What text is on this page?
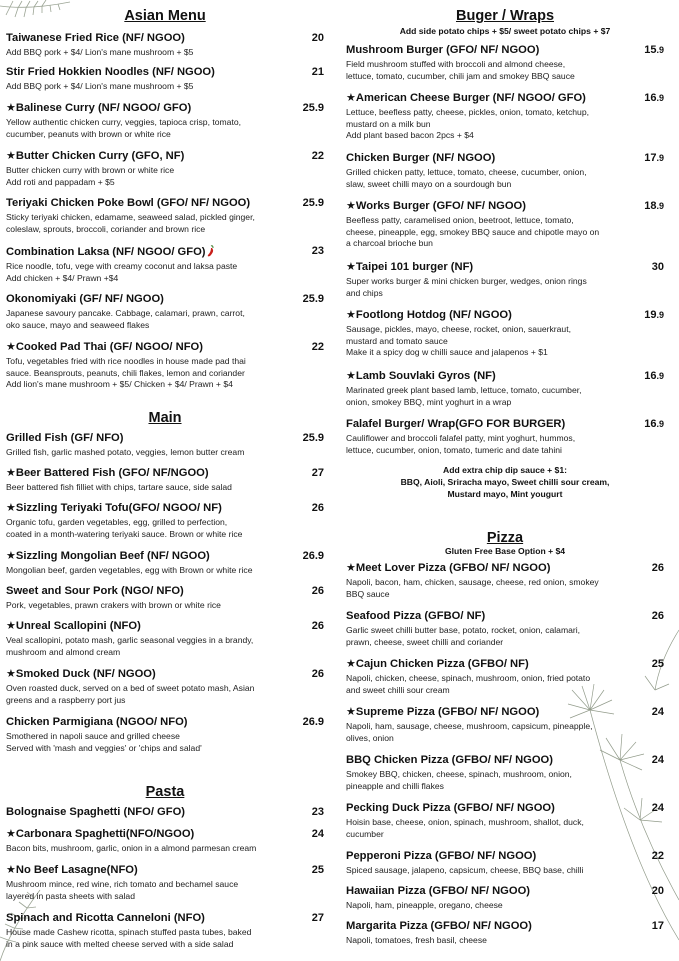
Asian Menu
Taiwanese Fried Rice (NF/ NGOO)	20
Add BBQ pork + $4/ Lion's mane mushroom + $5
Stir Fried Hokkien Noodles (NF/ NGOO)	21
Add BBQ pork + $4/ Lion's mane mushroom + $5
★Balinese Curry (NF/ NGOO/ GFO)	25.9
Yellow authentic chicken curry, veggies, tapioca crisp, tomato,
cucumber, peanuts with brown or white rice
★Butter Chicken Curry (GFO, NF)	22
Butter chicken curry with brown or white rice
Add roti and pappadam + $5
Teriyaki Chicken Poke Bowl (GFO/ NF/ NGOO)	25.9
Sticky teriyaki chicken, edamame, seaweed salad, pickled ginger,
coleslaw, sprouts, broccoli, coriander and brown rice
Combination Laksa (NF/ NGOO/ GFO)	23
Rice noodle, tofu, vege with creamy coconut and laksa paste
Add chicken + $4/ Prawn +$4
Okonomiyaki (GF/ NF/ NGOO)	25.9
Japanese savoury pancake. Cabbage, calamari, prawn, carrot,
oko sauce, mayo and seaweed flakes
★Cooked Pad Thai (GF/ NGOO/ NFO)	22
Tofu, vegetables fried with rice noodles in house made pad thai
sauce. Beansprouts, peanuts, chili flakes, lemon and coriander
Add lion's mane mushroom + $5/ Chicken + $4/ Prawn + $4
Main
Grilled Fish (GF/ NFO)	25.9
Grilled fish, garlic mashed potato, veggies, lemon butter cream
★Beer Battered Fish (GFO/ NF/NGOO)	27
Beer battered fish filliet with chips, tartare sauce, side salad
★Sizzling Teriyaki Tofu(GFO/ NGOO/ NF)	26
Organic tofu, garden vegetables, egg, grilled to perfection,
coated in a month-watering teriyaki sauce. Brown or white rice
★Sizzling Mongolian Beef (NF/ NGOO)	26.9
Mongolian beef, garden vegetables, egg with Brown or white rice
Sweet and Sour Pork (NGO/ NFO)	26
Pork, vegetables, prawn crakers with brown or white rice
★Unreal Scallopini (NFO)	26
Veal scallopini, potato mash, garlic seasonal veggies in a brandy,
mushroom and almond cream
★Smoked Duck (NF/ NGOO)	26
Oven roasted duck, served on a bed of sweet potato mash, Asian
greens and a raspberry port jus
Chicken Parmigiana (NGOO/ NFO)	26.9
Smothered in napoli sauce and grilled cheese
Served with 'mash and veggies' or 'chips and salad'
Pasta
Bolognaise Spaghetti (NFO/ GFO)	23
★Carbonara Spaghetti(NFO/NGOO)	24
Bacon bits, mushroom, garlic, onion in a almond parmesan cream
★No Beef Lasagne(NFO)	25
Mushroom mince, red wine, rich tomato and bechamel sauce
layered in pasta sheets with salad
Spinach and Ricotta Canneloni (NFO)	27
House made Cashew ricotta, spinach stuffed pasta tubes, baked
in a pink sauce with melted cheese served with a side salad
Buger / Wraps
Add side potato chips + $5/ sweet potato chips + $7
Mushroom Burger (GFO/ NF/ NGOO)	15.9
Field mushroom stuffed with broccoli and almond cheese,
lettuce, tomato, cucumber, chili jam and smokey BBQ sauce
★American Cheese Burger (NF/ NGOO/ GFO)	16.9
Lettuce, beefless patty, cheese, pickles, onion, tomato, ketchup,
mustard on a milk bun
Add plant based bacon 2pcs + $4
Chicken Burger (NF/ NGOO)	17.9
Grilled chicken patty, lettuce, tomato, cheese, cucumber, onion,
slaw, sweet chilli mayo on a sourdough bun
★Works Burger (GFO/ NF/ NGOO)	18.9
Beefless patty, caramelised onion, beetroot, lettuce, tomato,
cheese, pineapple, egg, smokey BBQ sauce and chipotle mayo on
a charcoal brioche bun
★Taipei 101 burger (NF)	30
Super works burger & mini chicken burger, wedges, onion rings
and chips
★Footlong Hotdog (NF/ NGOO)	19.9
Sausage, pickles, mayo, cheese, rocket, onion, sauerkraut,
mustard and tomato sauce
Make it a spicy dog w chilli sauce and jalapenos + $1
★Lamb Souvlaki Gyros (NF)	16.9
Marinated greek plant based lamb, lettuce, tomato, cucumber,
onion, smokey BBQ, mint yoghurt in a wrap
Falafel Burger/ Wrap(GFO FOR BURGER)	16.9
Cauliflower and broccoli falafel patty, mint yoghurt, hummos,
lettuce, cucumber, onion, tomato, tumeric and date tahini
Add extra chip dip sauce + $1:
BBQ, Aioli, Sriracha mayo, Sweet chilli sour cream,
Mustard mayo, Mint yougurt
Pizza
Gluten Free Base Option + $4
★Meet Lover Pizza (GFBO/ NF/ NGOO)	26
Napoli, bacon, ham, chicken, sausage, cheese, red onion, smokey
BBQ sauce
Seafood Pizza (GFBO/ NF)	26
Garlic sweet chilli butter base, potato, rocket, onion, calamari,
prawn, cheese, sweet chilli and coriander
★Cajun Chicken Pizza (GFBO/ NF)	25
Napoli, chicken, cheese, spinach, mushroom, onion, fried potato
and sweet chilli sour cream
★Supreme Pizza (GFBO/ NF/ NGOO)	24
Napoli, ham, sausage, cheese, mushroom, capsicum, pineapple,
olives, onion
BBQ Chicken Pizza (GFBO/ NF/ NGOO)	24
Smokey BBQ, chicken, cheese, spinach, mushroom, onion,
pineapple and chilli flakes
Pecking Duck Pizza (GFBO/ NF/ NGOO)	24
Hoisin base, cheese, onion, spinach, mushroom, shallot, duck,
cucumber
Pepperoni Pizza (GFBO/ NF/ NGOO)	22
Spiced sausage, jalapeno, capsicum, cheese, BBQ base, chilli
Hawaiian Pizza (GFBO/ NF/ NGOO)	20
Napoli, ham, pineapple, oregano, cheese
Margarita Pizza (GFBO/ NF/ NGOO)	17
Napoli, tomatoes, fresh basil, cheese
